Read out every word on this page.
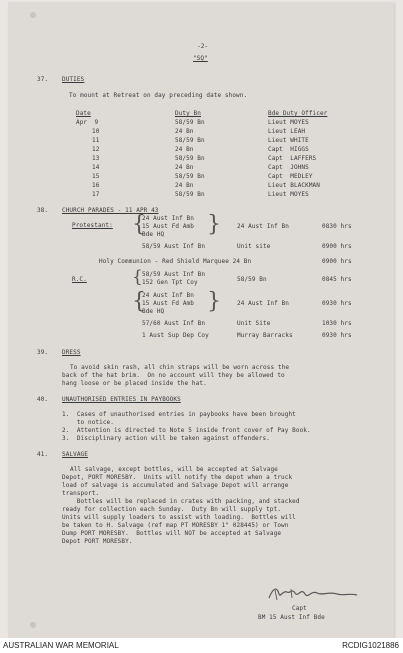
-2-
"SQ"
37. DUTIES
To mount at Retreat on day preceding date shown.
Date	Duty Bn	Bde Duty Officer
Apr  9	58/59 Bn	Lieut MOYES
10	24 Bn	Lieut LEAH
11	58/59 Bn	Lieut WHITE
12	24 Bn	Capt  HIGGS
13	58/59 Bn	Capt  LAFFERS
14	24 Bn	Capt  JOHNS
15	58/59 Bn	Capt  MEDLEY
16	24 Bn	Lieut BLACKMAN
17	58/59 Bn	Lieut MOYES
38. CHURCH PARADES - 11 APR 43
Protestant: {
24 Aust Inf Bn
15 Aust Fd Amb
Bde HQ }	24 Aust Inf Bn	0830 hrs
58/59 Aust Inf Bn	Unit site	0900 hrs
Holy Communion - Red Shield Marquee 24 Bn	0900 hrs
R.C.	{ 58/59 Aust Inf Bn
152 Gen Tpt Coy	58/59 Bn	0845 hrs
{
24 Aust Inf Bn
15 Aust Fd Amb
Bde HQ }	24 Aust Inf Bn	0930 hrs
57/60 Aust Inf Bn	Unit Site	1030 hrs
1 Aust Sup Dep Coy	Murray Barracks	0930 hrs
39. DRESS
To avoid skin rash, all chin straps will be worn across the
back of the hat brim.  On no account will they be allowed to
hang loose or be placed inside the hat.
40. UNAUTHORISED ENTRIES IN PAYBOOKS
1.  Cases of unauthorised entries in paybooks have been brought
to notice.
2.  Attention is directed to Note 5 inside front cover of Pay Book.
3.  Disciplinary action will be taken against offenders.
41. SALVAGE
All salvage, except bottles, will be accepted at Salvage
Depot, PORT MORESBY.  Units will notify the depot when a truck
load of salvage is accumulated and Salvage Depot will arrange
transport.
Bottles will be replaced in crates with packing, and stacked
ready for collection each Sunday.  Duty Bn will supply tpt.
Units will supply loaders to assist with loading.  Bottles will
be taken to H. Salvage (ref map PT MORESBY 1" 028445) or Town
Dump PORT MORESBY.  Bottles will NOT be accepted at Salvage
Depot PORT MORESBY.
Capt
BM 15 Aust Inf Bde
AUSTRALIAN WAR MEMORIAL	RCDIG1021886
